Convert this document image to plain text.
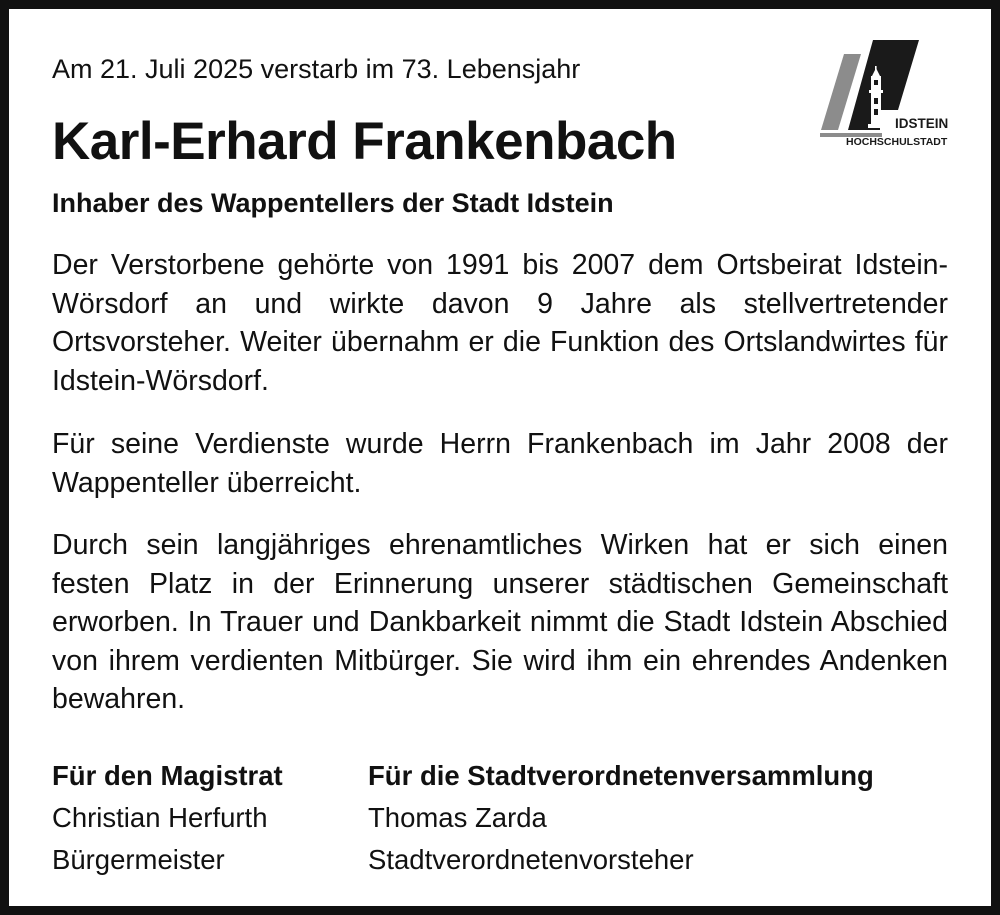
Am 21. Juli 2025 verstarb im 73. Lebensjahr

Karl-Erhard Frankenbach

Inhaber des Wappentellers der Stadt Idstein

Der Verstorbene gehörte von 1991 bis 2007 dem Ortsbeirat Idstein-Wörsdorf an und wirkte davon 9 Jahre als stellvertretender Ortsvorsteher. Weiter übernahm er die Funktion des Ortslandwirtes für Idstein-Wörsdorf.

Für seine Verdienste wurde Herrn Frankenbach im Jahr 2008 der Wappenteller überreicht.

Durch sein langjähriges ehrenamtliches Wirken hat er sich einen festen Platz in der Erinnerung unserer städtischen Gemeinschaft erworben. In Trauer und Dankbarkeit nimmt die Stadt Idstein Abschied von ihrem verdienten Mitbürger. Sie wird ihm ein ehrendes Andenken bewahren.

Für den Magistrat
Christian Herfurth
Bürgermeister
Für die Stadtverordnetenversammlung
Thomas Zarda
Stadtverordnetenvorsteher
IDSTEIN
HOCHSCHULSTADT
